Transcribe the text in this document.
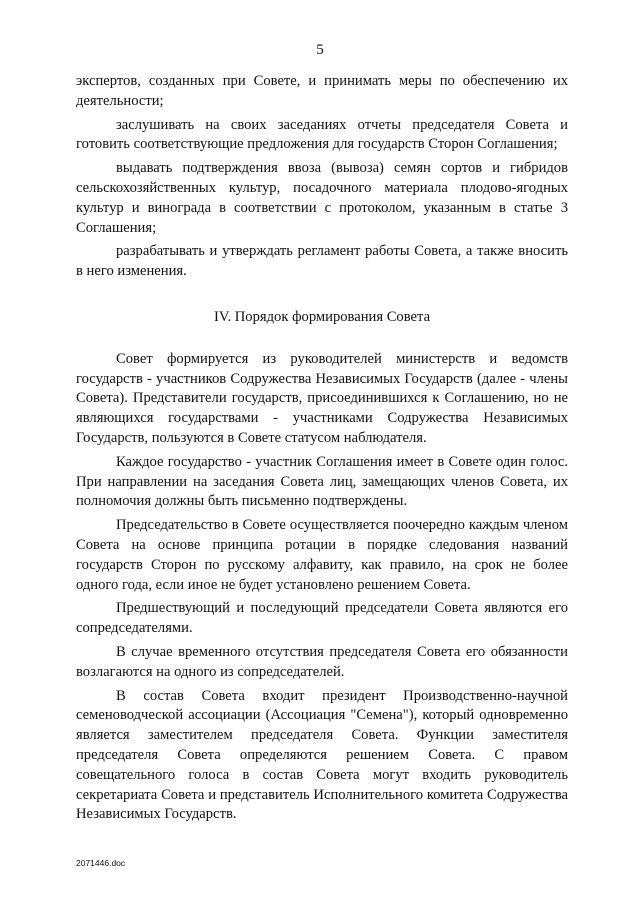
5

экспертов, созданных при Совете, и принимать меры по обеспечению их деятельности;

заслушивать на своих заседаниях отчеты председателя Совета и готовить соответствующие предложения для государств Сторон Соглашения;

выдавать подтверждения ввоза (вывоза) семян сортов и гибридов сельскохозяйственных культур, посадочного материала плодово-ягодных культур и винограда в соответствии с протоколом, указанным в статье 3 Соглашения;

разрабатывать и утверждать регламент работы Совета, а также вносить в него изменения.

IV. Порядок формирования Совета

Совет формируется из руководителей министерств и ведомств государств - участников Содружества Независимых Государств (далее - члены Совета). Представители государств, присоединившихся к Соглашению, но не являющихся государствами - участниками Содружества Независимых Государств, пользуются в Совете статусом наблюдателя.

Каждое государство - участник Соглашения имеет в Совете один голос. При направлении на заседания Совета лиц, замещающих членов Совета, их полномочия должны быть письменно подтверждены.

Председательство в Совете осуществляется поочередно каждым членом Совета на основе принципа ротации в порядке следования названий государств Сторон по русскому алфавиту, как правило, на срок не более одного года, если иное не будет установлено решением Совета.

Предшествующий и последующий председатели Совета являются его сопредседателями.

В случае временного отсутствия председателя Совета его обязанности возлагаются на одного из сопредседателей.

В состав Совета входит президент Производственно-научной семеноводческой ассоциации (Ассоциация "Семена"), который одновременно является заместителем председателя Совета. Функции заместителя председателя Совета определяются решением Совета. С правом совещательного голоса в состав Совета могут входить руководитель секретариата Совета и представитель Исполнительного комитета Содружества Независимых Государств.

2071446.doc
